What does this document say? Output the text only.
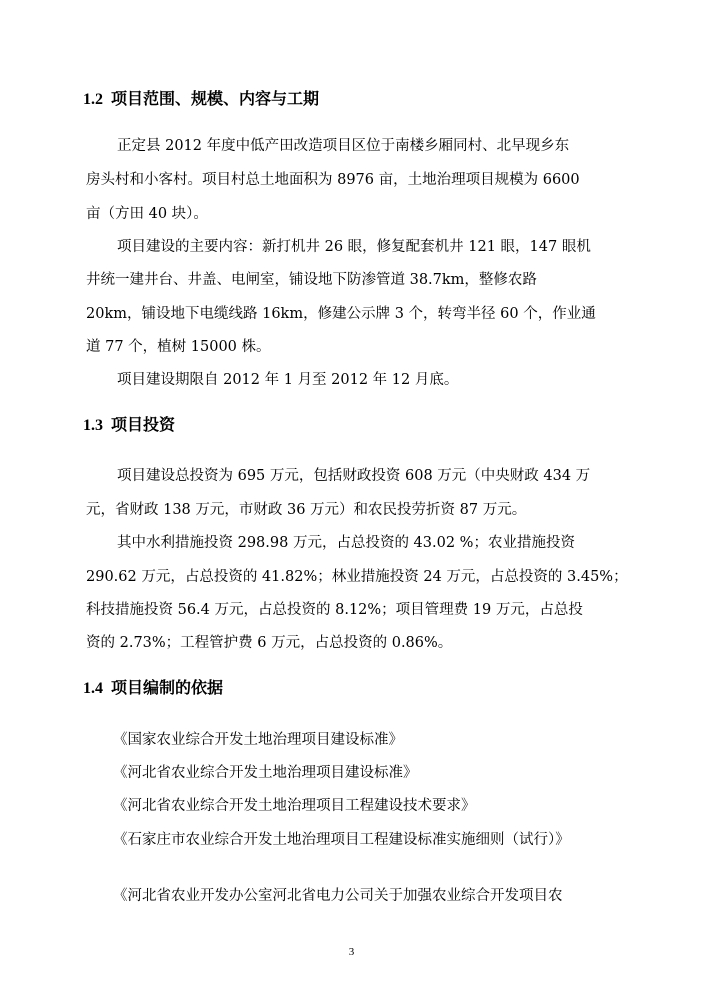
1.2 项目范围、规模、内容与工期
正定县 2012 年度中低产田改造项目区位于南楼乡厢同村、北早现乡东
房头村和小客村。项目村总土地面积为 8976 亩，土地治理项目规模为 6600
亩（方田 40 块）。
项目建设的主要内容：新打机井 26 眼，修复配套机井 121 眼，147 眼机
井统一建井台、井盖、电闸室，铺设地下防渗管道 38.7km，整修农路
20km，铺设地下电缆线路 16km，修建公示牌 3 个，转弯半径 60 个，作业通
道 77 个，植树 15000 株。
项目建设期限自 2012 年 1 月至 2012 年 12 月底。
1.3 项目投资
项目建设总投资为 695 万元，包括财政投资 608 万元（中央财政 434 万
元，省财政 138 万元，市财政 36 万元）和农民投劳折资 87 万元。
其中水利措施投资 298.98 万元，占总投资的 43.02 %；农业措施投资
290.62 万元，占总投资的 41.82%；林业措施投资 24 万元，占总投资的 3.45%；
科技措施投资 56.4 万元，占总投资的 8.12%；项目管理费 19 万元，占总投
资的 2.73%；工程管护费 6 万元，占总投资的 0.86%。
1.4 项目编制的依据
《国家农业综合开发土地治理项目建设标准》
《河北省农业综合开发土地治理项目建设标准》
《河北省农业综合开发土地治理项目工程建设技术要求》
《石家庄市农业综合开发土地治理项目工程建设标准实施细则（试行）》
《河北省农业开发办公室河北省电力公司关于加强农业综合开发项目农
3
